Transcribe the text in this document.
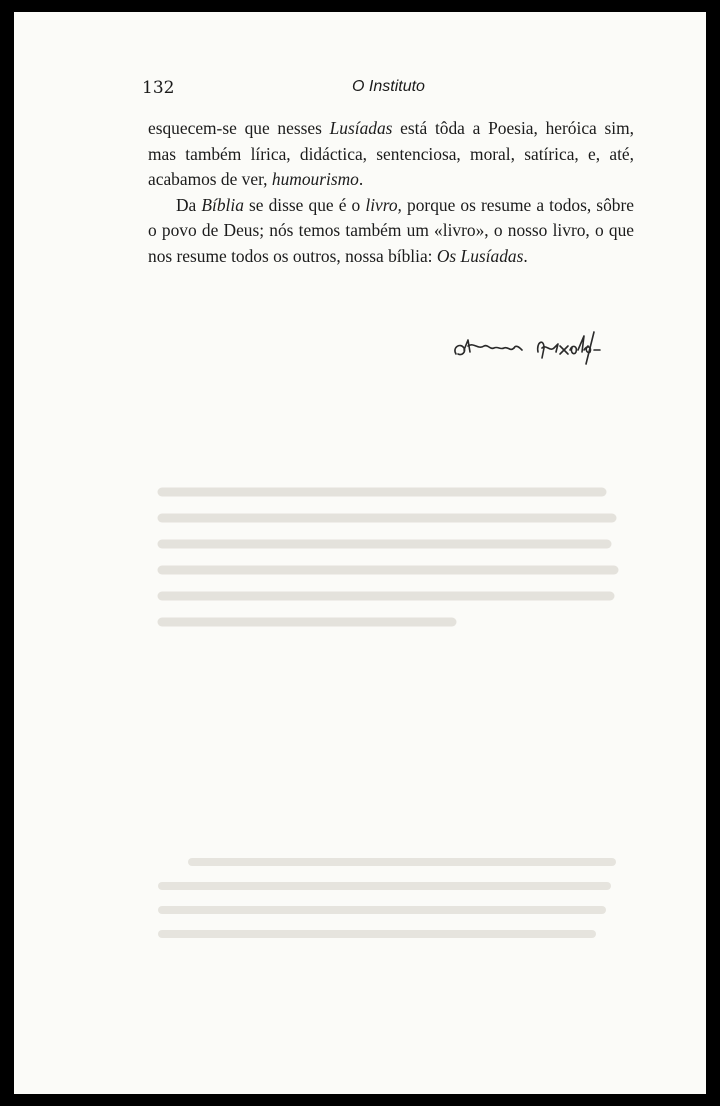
132	O Instituto

esquecem-se que nesses Lusíadas está tôda a Poesia, heróica sim, mas também lírica, didáctica, sentenciosa, moral, satírica, e, até, acabamos de ver, humourismo.

Da Bíblia se disse que é o livro, porque os resume a todos, sôbre o povo de Deus; nós temos também um «livro», o nosso livro, o que nos resume todos os outros, nossa bíblia: Os Lusíadas.
